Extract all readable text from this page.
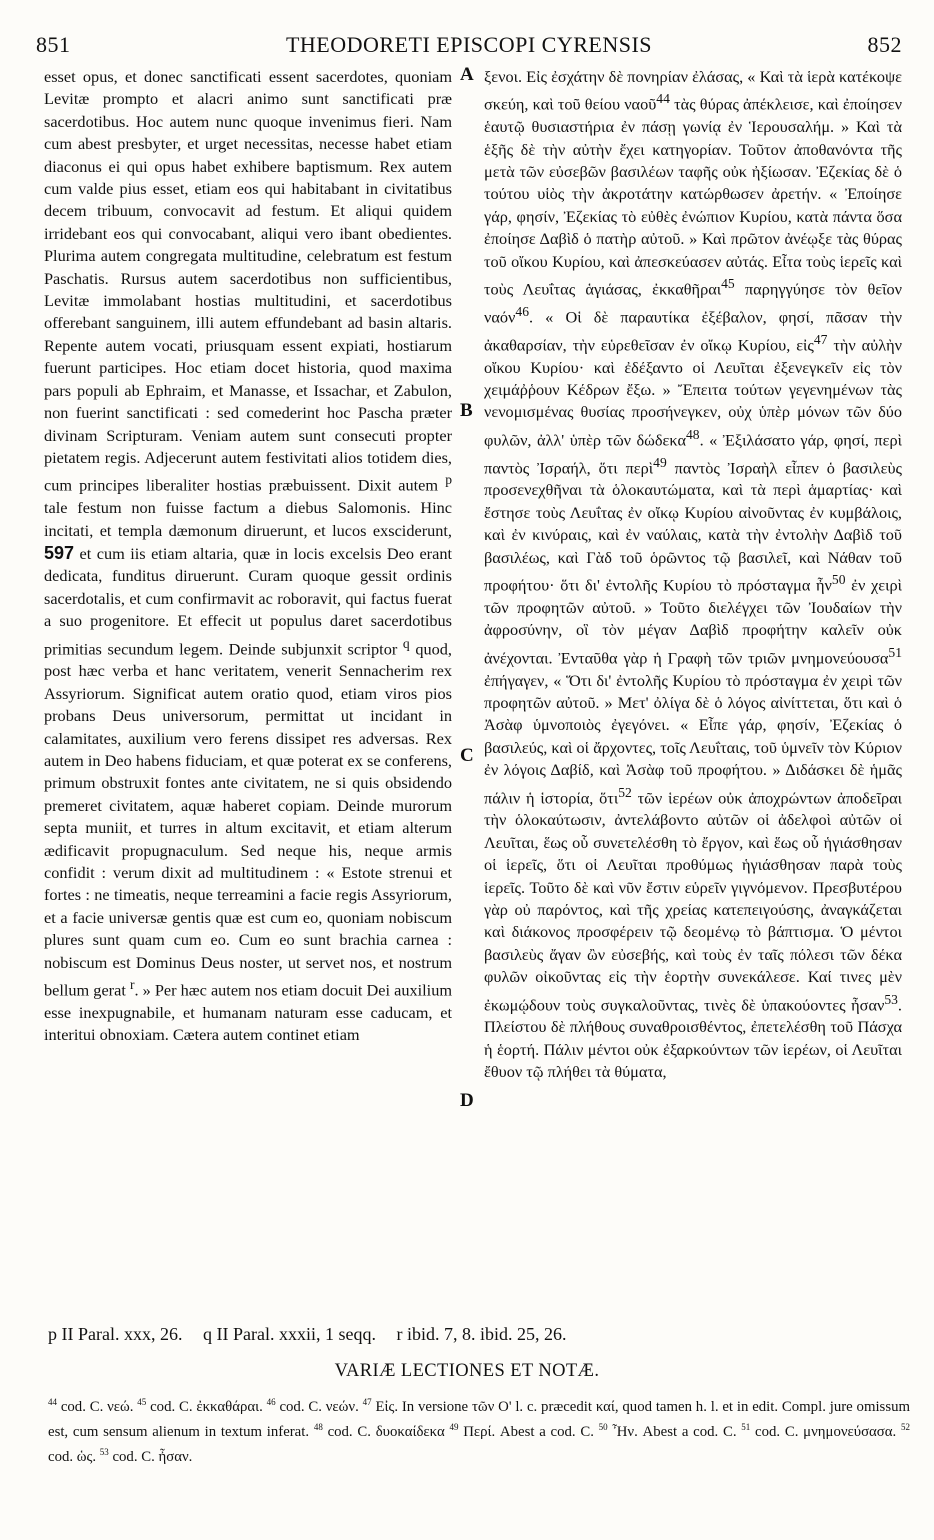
851	THEODORETI EPISCOPI CYRENSIS	852
A
B
C
D

esset opus, et donec sanctificati essent sacerdotes, quoniam Levitæ prompto et alacri animo sunt sanctificati præ sacerdotibus. Hoc autem nunc quoque invenimus fieri. Nam cum abest presbyter, et urget necessitas, necesse habet etiam diaconus ei qui opus habet exhibere baptismum. Rex autem cum valde pius esset, etiam eos qui habitabant in civitatibus decem tribuum, convocavit ad festum. Et aliqui quidem irridebant eos qui convocabant, aliqui vero ibant obedientes. Plurima autem congregata multitudine, celebratum est festum Paschatis. Rursus autem sacerdotibus non sufficientibus, Levitæ immolabant hostias multitudini, et sacerdotibus offerebant sanguinem, illi autem effundebant ad basin altaris. Repente autem vocati, priusquam essent expiati, hostiarum fuerunt participes. Hoc etiam docet historia, quod maxima pars populi ab Ephraim, et Manasse, et Issachar, et Zabulon, non fuerint sanctificati : sed comederint hoc Pascha præter divinam Scripturam. Veniam autem sunt consecuti propter pietatem regis. Adjecerunt autem festivitati alios totidem dies, cum principes liberaliter hostias præbuissent. Dixit autem $^p$ tale festum non fuisse factum a diebus Salomonis. Hinc incitati, et templa dæmonum diruerunt, et lucos exsciderunt, 597 et cum iis etiam altaria, quæ in locis excelsis Deo erant dedicata, funditus diruerunt. Curam quoque gessit ordinis sacerdotalis, et cum confirmavit ac roboravit, qui factus fuerat a suo progenitore. Et effecit ut populus daret sacerdotibus primitias secundum legem. Deinde subjunxit scriptor $^q$ quod, post hæc verba et hanc veritatem, venerit Sennacherim rex Assyriorum. Significat autem oratio quod, etiam viros pios probans Deus universorum, permittat ut incidant in calamitates, auxilium vero ferens dissipet res adversas. Rex autem in Deo habens fiduciam, et quæ poterat ex se conferens, primum obstruxit fontes ante civitatem, ne si quis obsidendo premeret civitatem, aquæ haberet copiam. Deinde murorum septa muniit, et turres in altum excitavit, et etiam alterum ædificavit propugnaculum. Sed neque his, neque armis confidit : verum dixit ad multitudinem : « Estote strenui et fortes : ne timeatis, neque terreamini a facie regis Assyriorum, et a facie universæ gentis quæ est cum eo, quoniam nobiscum plures sunt quam cum eo. Cum eo sunt brachia carnea : nobiscum est Dominus Deus noster, ut servet nos, et nostrum bellum gerat $^r$. » Per hæc autem nos etiam docuit Dei auxilium esse inexpugnabile, et humanam naturam esse caducam, et interitui obnoxiam. Cætera autem continet etiam

ξενοι. Εἰς ἐσχάτην δὲ πονηρίαν ἐλάσας, « Καὶ τὰ ἱερὰ κατέκοψε σκεύη, καὶ τοῦ θείου ναοῦ$^{44}$ τὰς θύρας ἀπέκλεισε, καὶ ἐποίησεν ἑαυτῷ θυσιαστήρια ἐν πάσῃ γωνίᾳ ἐν Ἱερουσαλήμ. » Καὶ τὰ ἑξῆς δὲ τὴν αὐτὴν ἔχει κατηγορίαν. Τοῦτον ἀποθανόντα τῆς μετὰ τῶν εὐσεβῶν βασιλέων ταφῆς οὐκ ἠξίωσαν. Ἐζεκίας δὲ ὁ τούτου υἱὸς τὴν ἀκροτάτην κατώρθωσεν ἀρετήν. « Ἐποίησε γάρ, φησίν, Ἐζεκίας τὸ εὐθὲς ἐνώπιον Κυρίου, κατὰ πάντα ὅσα ἐποίησε Δαβὶδ ὁ πατὴρ αὐτοῦ. » Καὶ πρῶτον ἀνέῳξε τὰς θύρας τοῦ οἴκου Κυρίου, καὶ ἀπεσκεύασεν αὐτάς. Εἶτα τοὺς ἱερεῖς καὶ τοὺς Λευΐτας ἁγιάσας, ἐκκαθῆραι$^{45}$ παρηγγύησε τὸν θεῖον ναόν$^{46}$. « Οἱ δὲ παραυτίκα ἐξέβαλον, φησί, πᾶσαν τὴν ἀκαθαρσίαν, τὴν εὑρεθεῖσαν ἐν οἴκῳ Κυρίου, εἰς$^{47}$ τὴν αὐλὴν οἴκου Κυρίου· καὶ ἐδέξαντο οἱ Λευῖται ἐξενεγκεῖν εἰς τὸν χειμάῤῥουν Κέδρων ἔξω. » Ἔπειτα τούτων γεγενημένων τὰς νενομισμένας θυσίας προσήνεγκεν, οὐχ ὑπὲρ μόνων τῶν δύο φυλῶν, ἀλλ' ὑπὲρ τῶν δώδεκα$^{48}$. « Ἐξιλάσατο γάρ, φησί, περὶ παντὸς Ἰσραήλ, ὅτι περὶ$^{49}$ παντὸς Ἰσραὴλ εἶπεν ὁ βασιλεὺς προσενεχθῆναι τὰ ὁλοκαυτώματα, καὶ τὰ περὶ ἁμαρτίας· καὶ ἔστησε τοὺς Λευΐτας ἐν οἴκῳ Κυρίου αἰνοῦντας ἐν κυμβάλοις, καὶ ἐν κινύραις, καὶ ἐν ναύλαις, κατὰ τὴν ἐντολὴν Δαβὶδ τοῦ βασιλέως, καὶ Γὰδ τοῦ ὁρῶντος τῷ βασιλεῖ, καὶ Νάθαν τοῦ προφήτου· ὅτι δι' ἐντολῆς Κυρίου τὸ πρόσταγμα ἦν$^{50}$ ἐν χειρὶ τῶν προφητῶν αὐτοῦ. » Τοῦτο διελέγχει τῶν Ἰουδαίων τὴν ἀφροσύνην, οἳ τὸν μέγαν Δαβὶδ προφήτην καλεῖν οὐκ ἀνέχονται. Ἐνταῦθα γὰρ ἡ Γραφὴ τῶν τριῶν μνημονεύουσα$^{51}$ ἐπήγαγεν, « Ὅτι δι' ἐντολῆς Κυρίου τὸ πρόσταγμα ἐν χειρὶ τῶν προφητῶν αὐτοῦ. » Μετ' ὀλίγα δὲ ὁ λόγος αἰνίττεται, ὅτι καὶ ὁ Ἀσὰφ ὑμνοποιὸς ἐγεγόνει. « Εἶπε γάρ, φησίν, Ἐζεκίας ὁ βασιλεύς, καὶ οἱ ἄρχοντες, τοῖς Λευΐταις, τοῦ ὑμνεῖν τὸν Κύριον ἐν λόγοις Δαβίδ, καὶ Ἀσὰφ τοῦ προφήτου. » Διδάσκει δὲ ἡμᾶς πάλιν ἡ ἱστορία, ὅτι$^{52}$ τῶν ἱερέων οὐκ ἀποχρώντων ἀποδεῖραι τὴν ὁλοκαύτωσιν, ἀντελάβοντο αὐτῶν οἱ ἀδελφοὶ αὐτῶν οἱ Λευῖται, ἕως οὗ συνετελέσθη τὸ ἔργον, καὶ ἕως οὗ ἡγιάσθησαν οἱ ἱερεῖς, ὅτι οἱ Λευῖται προθύμως ἡγιάσθησαν παρὰ τοὺς ἱερεῖς. Τοῦτο δὲ καὶ νῦν ἔστιν εὑρεῖν γιγνόμενον. Πρεσβυτέρου γὰρ οὐ παρόντος, καὶ τῆς χρείας κατεπειγούσης, ἀναγκάζεται καὶ διάκονος προσφέρειν τῷ δεομένῳ τὸ βάπτισμα. Ὁ μέντοι βασιλεὺς ἄγαν ὢν εὐσεβής, καὶ τοὺς ἐν ταῖς πόλεσι τῶν δέκα φυλῶν οἰκοῦντας εἰς τὴν ἑορτὴν συνεκάλεσε. Καί τινες μὲν ἐκωμῴδουν τοὺς συγκαλοῦντας, τινὲς δὲ ὑπακούοντες ἦσαν$^{53}$. Πλείστου δὲ πλήθους συναθροισθέντος, ἐπετελέσθη τοῦ Πάσχα ἡ ἑορτή. Πάλιν μέντοι οὐκ ἐξαρκούντων τῶν ἱερέων, οἱ Λευῖται ἔθυον τῷ πλήθει τὰ θύματα,

p II Paral. xxx, 26. q II Paral. xxxii, 1 seqq. r ibid. 7, 8. ibid. 25, 26.
VARIÆ LECTIONES ET NOTÆ.
$^{44}$ cod. C. νεώ. $^{45}$ cod. C. ἐκκαθάραι. $^{46}$ cod. C. νεών. $^{47}$ Εἰς. In versione τῶν O' l. c. præcedit καί, quod tamen h. l. et in edit. Compl. jure omissum est, cum sensum alienum in textum inferat. $^{48}$ cod. C. δυοκαίδεκα $^{49}$ Περί. Abest a cod. C. $^{50}$ Ἦν. Abest a cod. C. $^{51}$ cod. C. μνημονεύσασα. $^{52}$ cod. ὡς. $^{53}$ cod. C. ἦσαν.
